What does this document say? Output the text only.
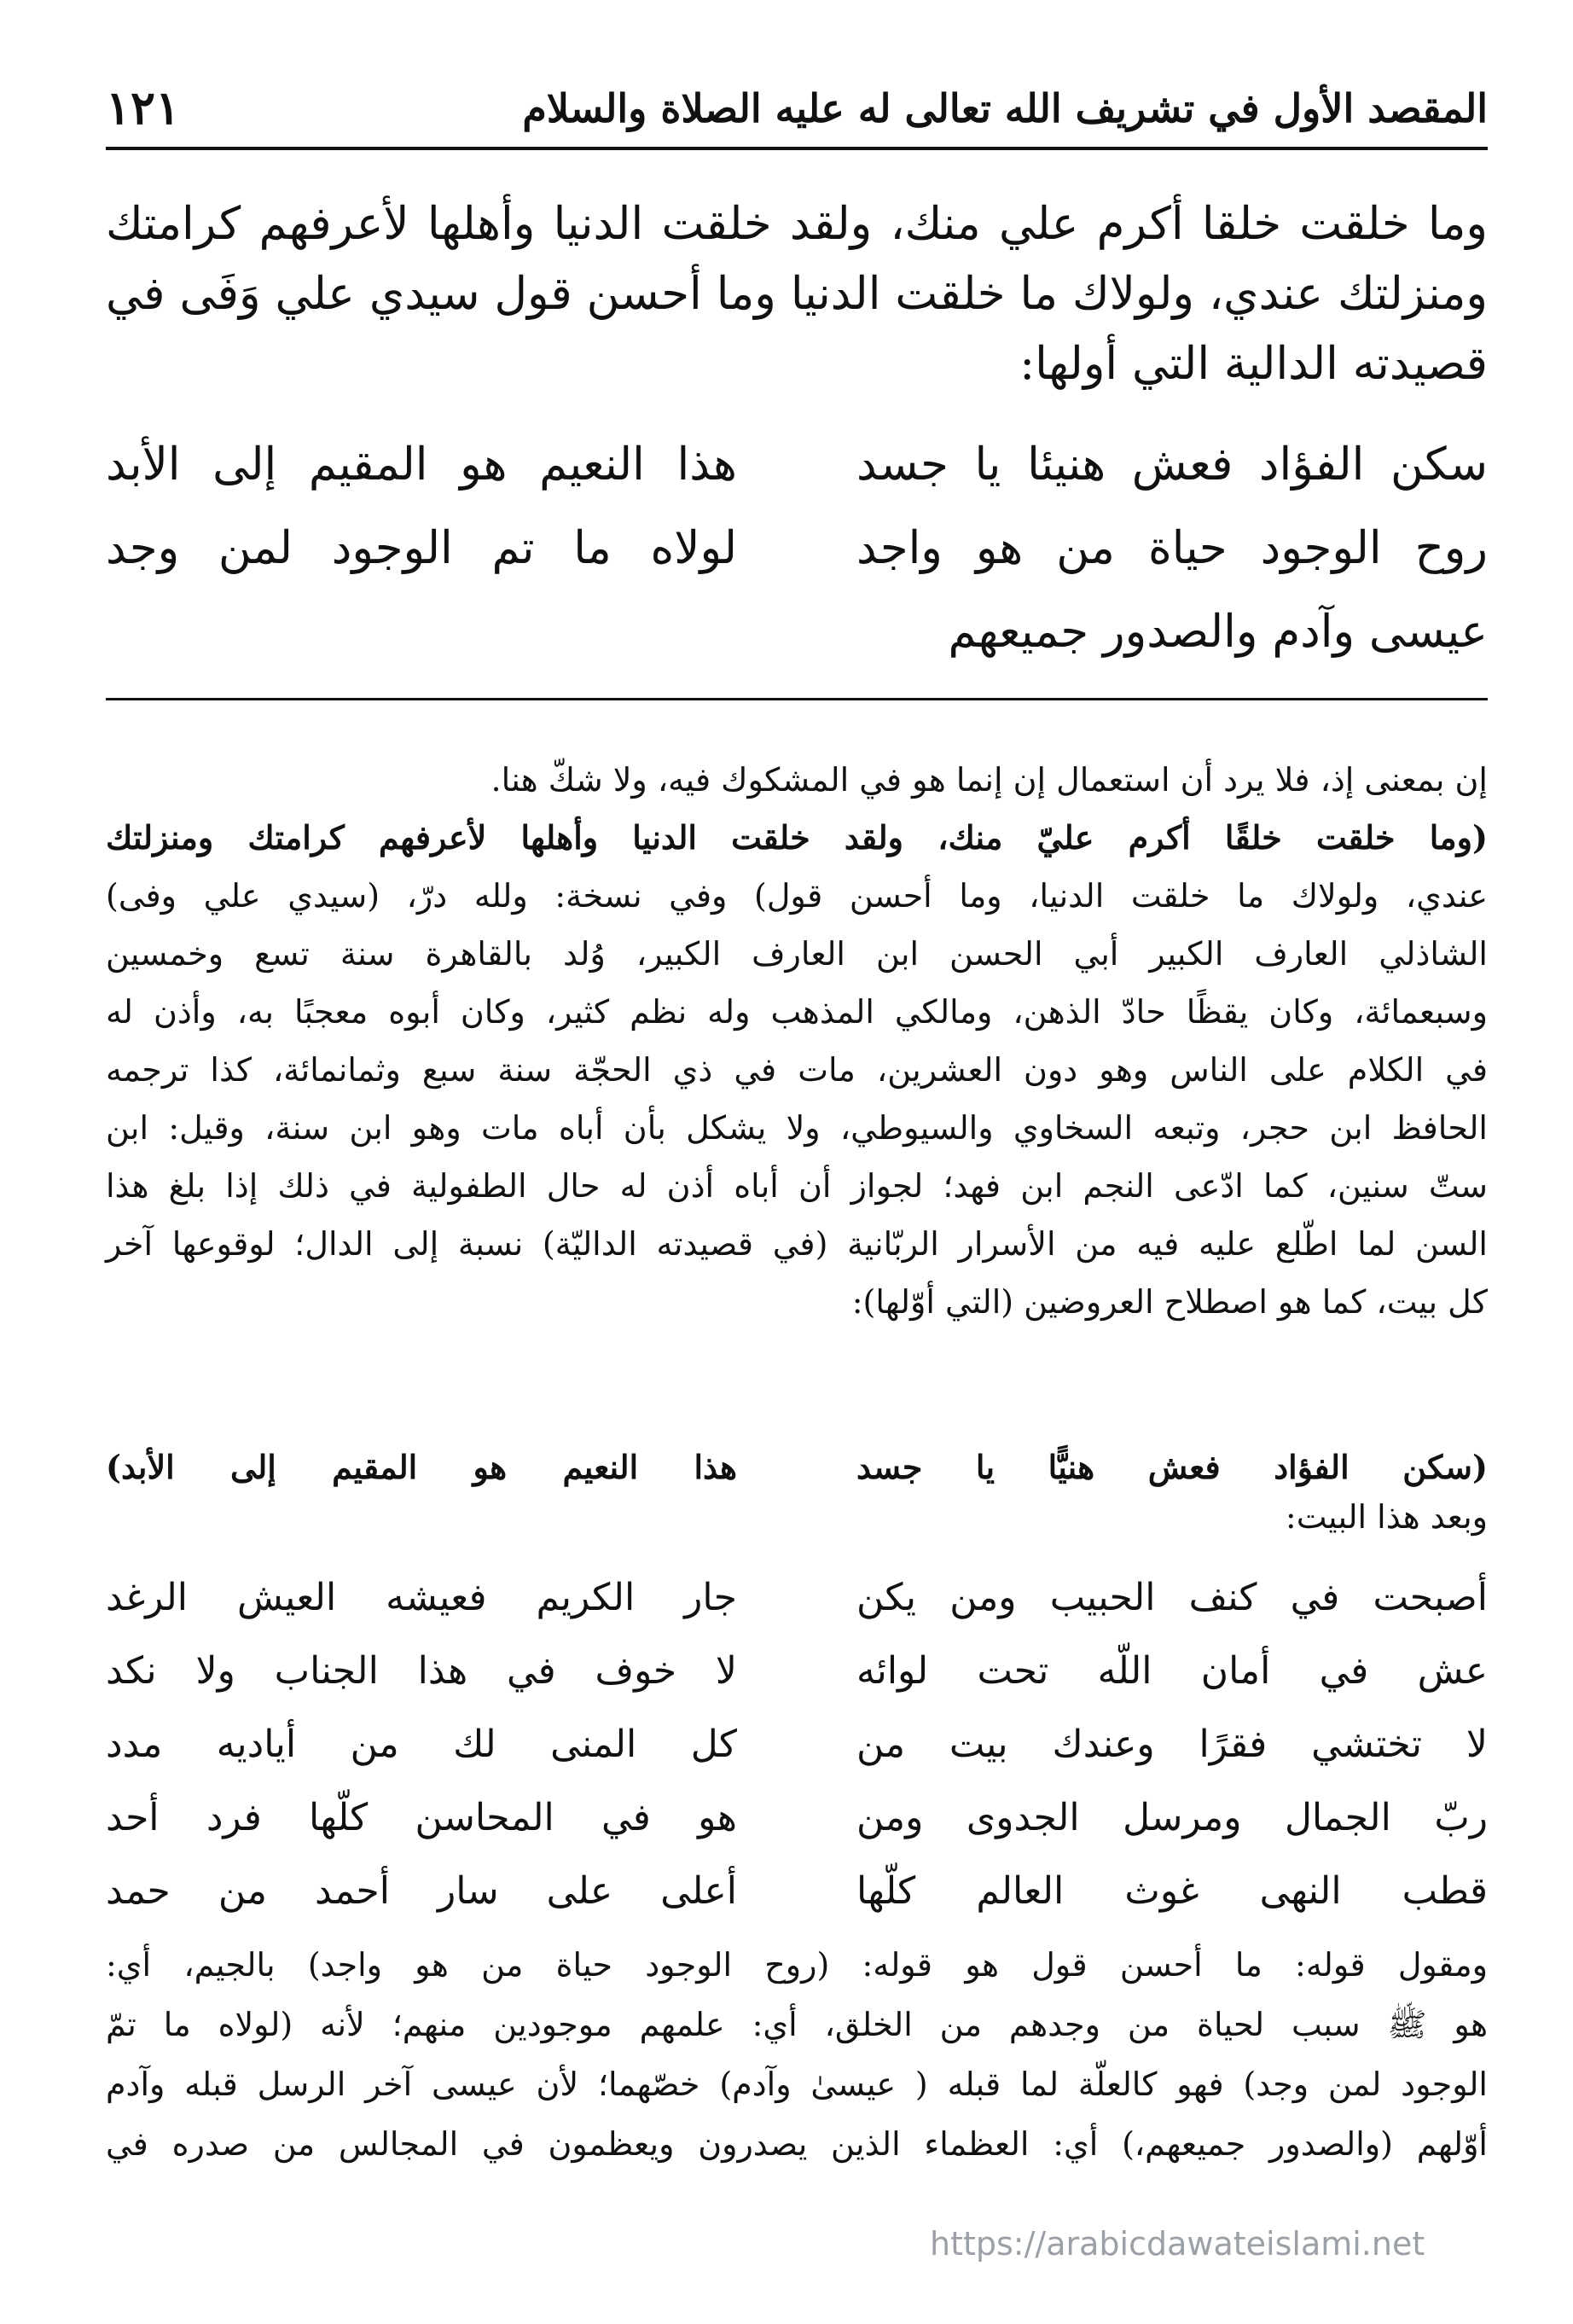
المقصد الأول في تشريف الله تعالى له عليه الصلاة والسلام
١٢١

وما خلقت خلقا أكرم علي منك، ولقد خلقت الدنيا وأهلها لأعرفهم كرامتك

ومنزلتك عندي، ولولاك ما خلقت الدنيا وما أحسن قول سيدي علي وَفَى في

قصيدته الدالية التي أولها:

سكن الفؤاد فعش هنيئا يا جسد
هذا النعيم هو المقيم إلى الأبد
روح الوجود حياة من هو واجد
لولاه ما تم الوجود لمن وجد
عيسى وآدم والصدور جميعهم

إن بمعنى إذ، فلا يرد أن استعمال إن إنما هو في المشكوك فيه، ولا شكّ هنا.

(وما خلقت خلقًا أكرم عليّ منك، ولقد خلقت الدنيا وأهلها لأعرفهم كرامتك ومنزلتك

عندي، ولولاك ما خلقت الدنيا، وما أحسن قول) وفي نسخة: ولله درّ، (سيدي علي وفى)

الشاذلي العارف الكبير أبي الحسن ابن العارف الكبير، وُلد بالقاهرة سنة تسع وخمسين

وسبعمائة، وكان يقظًا حادّ الذهن، ومالكي المذهب وله نظم كثير، وكان أبوه معجبًا به، وأذن له

في الكلام على الناس وهو دون العشرين، مات في ذي الحجّة سنة سبع وثمانمائة، كذا ترجمه

الحافظ ابن حجر، وتبعه السخاوي والسيوطي، ولا يشكل بأن أباه مات وهو ابن سنة، وقيل: ابن

ستّ سنين، كما ادّعى النجم ابن فهد؛ لجواز أن أباه أذن له حال الطفولية في ذلك إذا بلغ هذا

السن لما اطّلع عليه فيه من الأسرار الربّانية (في قصيدته الداليّة) نسبة إلى الدال؛ لوقوعها آخر

كل بيت، كما هو اصطلاح العروضين (التي أوّلها):

(سكن الفؤاد فعش هنيًّا يا جسد
هذا النعيم هو المقيم إلى الأبد)
وبعد هذا البيت:
أصبحت في كنف الحبيب ومن يكن
جار الكريم فعيشه العيش الرغد
عش في أمان اللّه تحت لوائه
لا خوف في هذا الجناب ولا نكد
لا تختشي فقرًا وعندك بيت من
كل المنى لك من أياديه مدد
ربّ الجمال ومرسل الجدوى ومن
هو في المحاسن كلّها فرد أحد
قطب النهى غوث العالم كلّها
أعلى على سار أحمد من حمد

ومقول قوله: ما أحسن قول هو قوله: (روح الوجود حياة من هو واجد) بالجيم، أي:

هو ﷺ سبب لحياة من وجدهم من الخلق، أي: علمهم موجودين منهم؛ لأنه (لولاه ما تمّ

الوجود لمن وجد) فهو كالعلّة لما قبله ( عيسىٰ وآدم) خصّهما؛ لأن عيسى آخر الرسل قبله وآدم

أوّلهم (والصدور جميعهم،) أي: العظماء الذين يصدرون ويعظمون في المجالس من صدره في

https://arabicdawateislami.net
